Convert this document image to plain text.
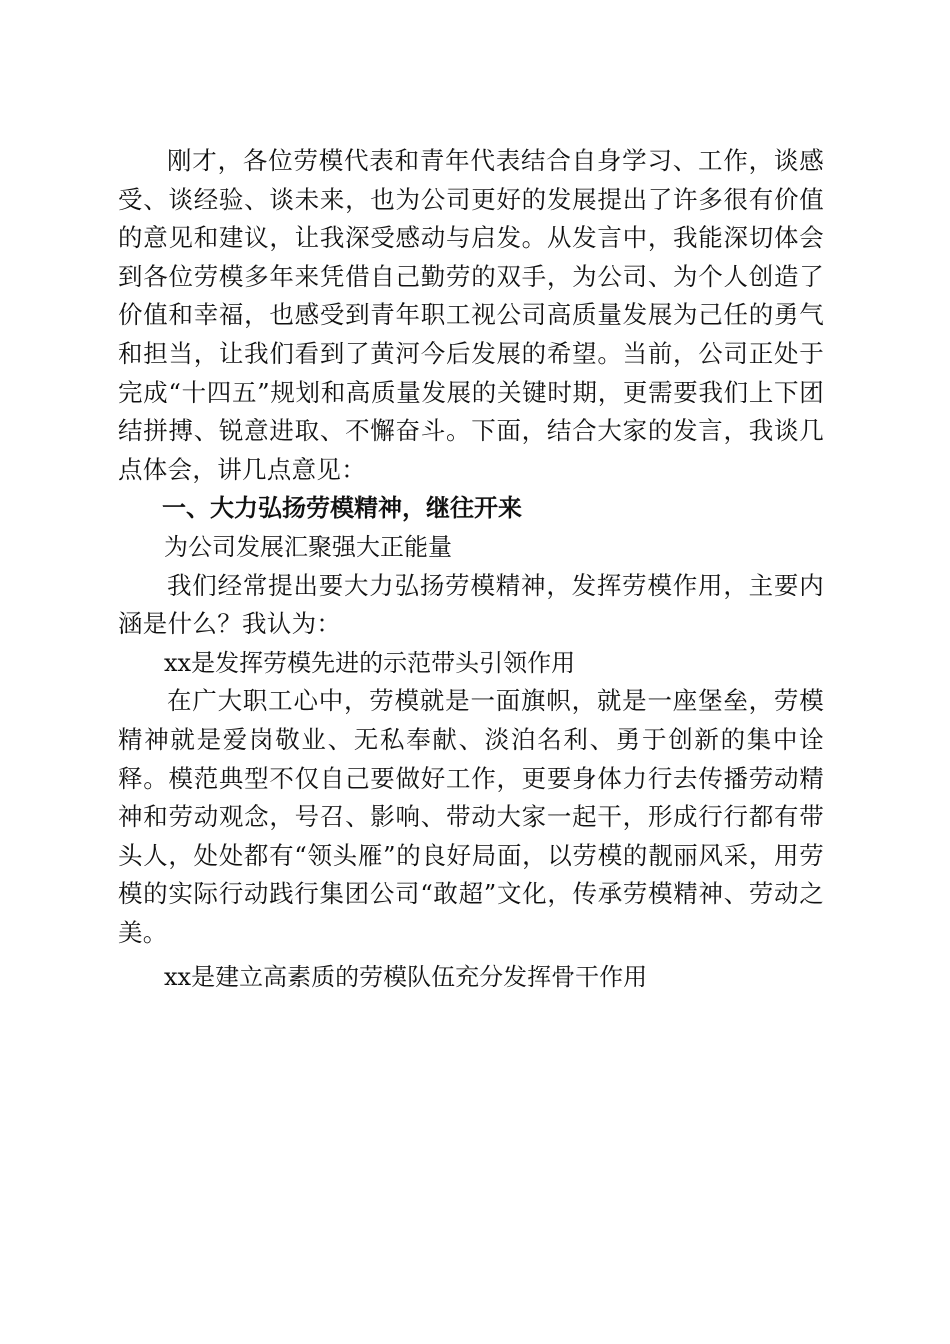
刚才，各位劳模代表和青年代表结合自身学习、工作，谈感受、谈经验、谈未来，也为公司更好的发展提出了许多很有价值的意见和建议，让我深受感动与启发。从发言中，我能深切体会到各位劳模多年来凭借自己勤劳的双手，为公司、为个人创造了价值和幸福，也感受到青年职工视公司高质量发展为己任的勇气和担当，让我们看到了黄河今后发展的希望。当前，公司正处于完成“十四五”规划和高质量发展的关键时期，更需要我们上下团结拼搏、锐意进取、不懈奋斗。下面，结合大家的发言，我谈几点体会，讲几点意见：

一、大力弘扬劳模精神，继往开来

为公司发展汇聚强大正能量

我们经常提出要大力弘扬劳模精神，发挥劳模作用，主要内涵是什么？我认为：

xx是发挥劳模先进的示范带头引领作用

在广大职工心中，劳模就是一面旗帜，就是一座堡垒，劳模精神就是爱岗敬业、无私奉献、淡泊名利、勇于创新的集中诠释。模范典型不仅自己要做好工作，更要身体力行去传播劳动精神和劳动观念，号召、影响、带动大家一起干，形成行行都有带头人，处处都有“领头雁”的良好局面，以劳模的靓丽风采，用劳模的实际行动践行集团公司“敢超”文化，传承劳模精神、劳动之美。

xx是建立高素质的劳模队伍充分发挥骨干作用
